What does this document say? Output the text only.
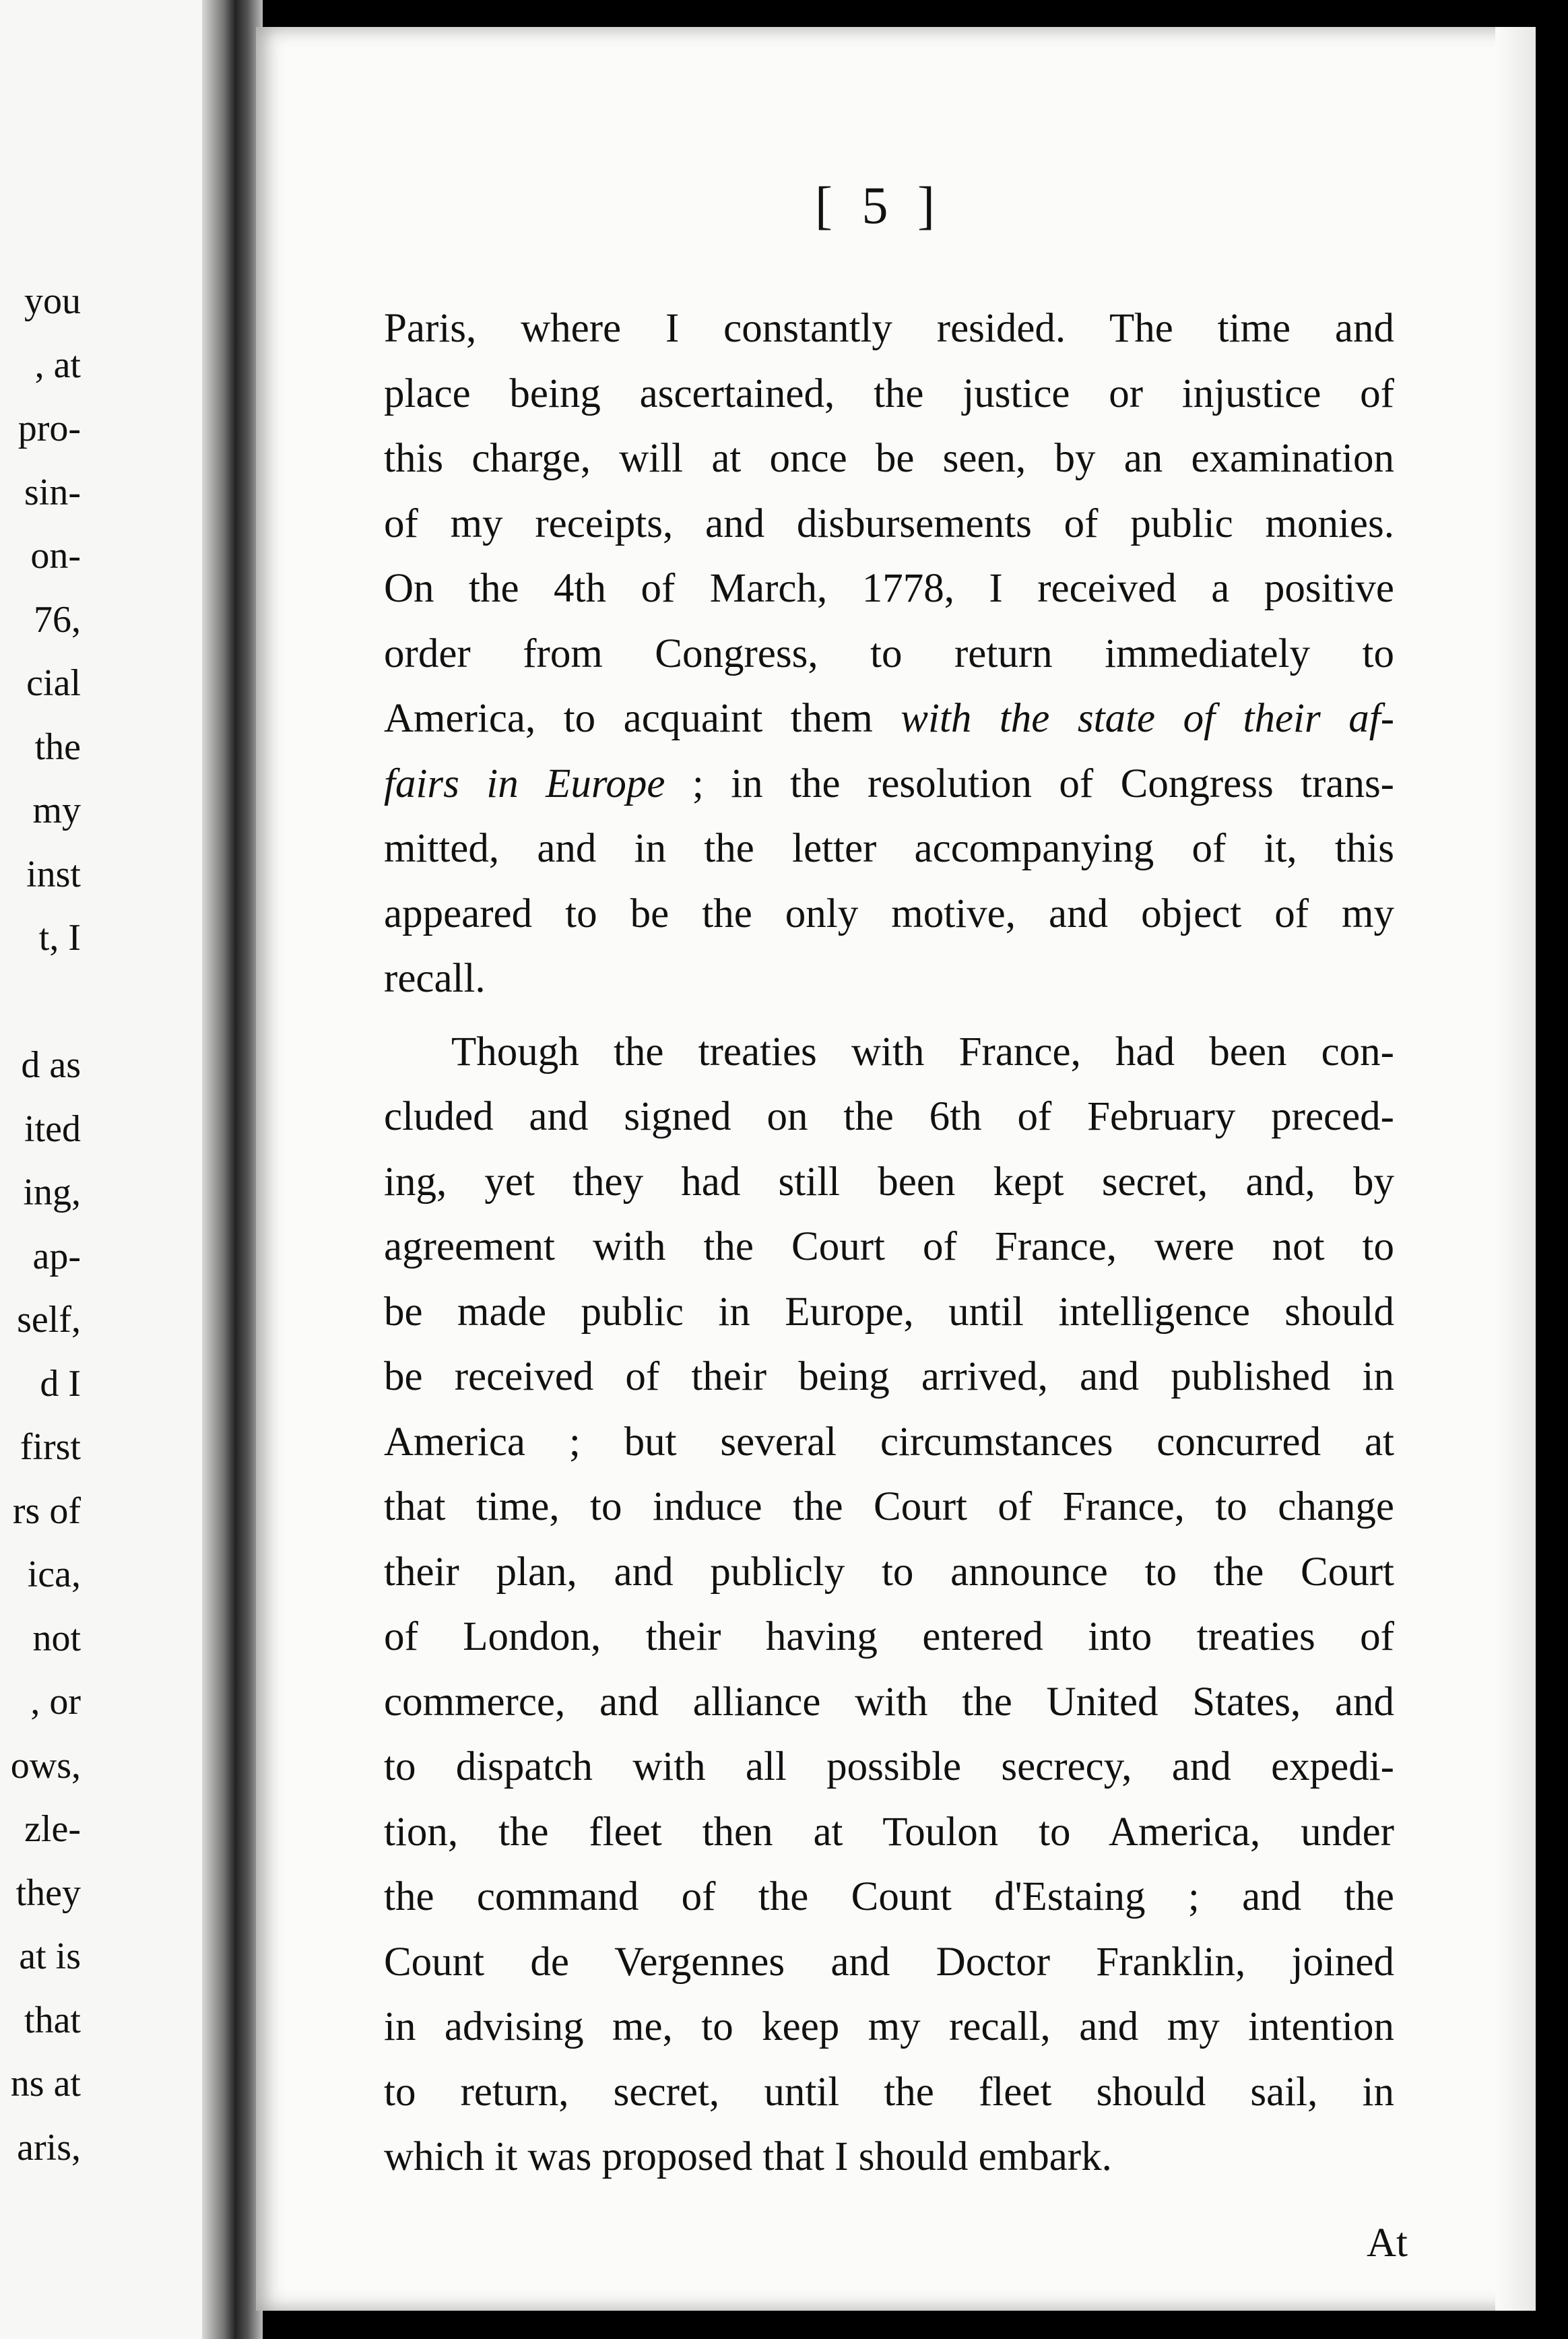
you
, at
pro-
sin-
on-
76,
cial
the
my
inst
t, I
d as
ited
ing,
ap-
self,
d I
first
rs of
ica,
not
, or
ows,
zle-
they
at is
that
ns at
aris,
[ 5 ]
Paris, where I constantly resided. The time and
place being ascertained, the justice or injustice of
this charge, will at once be seen, by an examination
of my receipts, and disbursements of public monies.
On the 4th of March, 1778, I received a positive
order from Congress, to return immediately to
America, to acquaint them with the state of their af-
fairs in Europe ; in the resolution of Congress trans-
mitted, and in the letter accompanying of it, this
appeared to be the only motive, and object of my
recall.
Though the treaties with France, had been con-
cluded and signed on the 6th of February preced-
ing, yet they had still been kept secret, and, by
agreement with the Court of France, were not to
be made public in Europe, until intelligence should
be received of their being arrived, and published in
America ; but several circumstances concurred at
that time, to induce the Court of France, to change
their plan, and publicly to announce to the Court
of London, their having entered into treaties of
commerce, and alliance with the United States, and
to dispatch with all possible secrecy, and expedi-
tion, the fleet then at Toulon to America, under
the command of the Count d'Estaing ; and the
Count de Vergennes and Doctor Franklin, joined
in advising me, to keep my recall, and my intention
to return, secret, until the fleet should sail, in
which it was proposed that I should embark.
At
